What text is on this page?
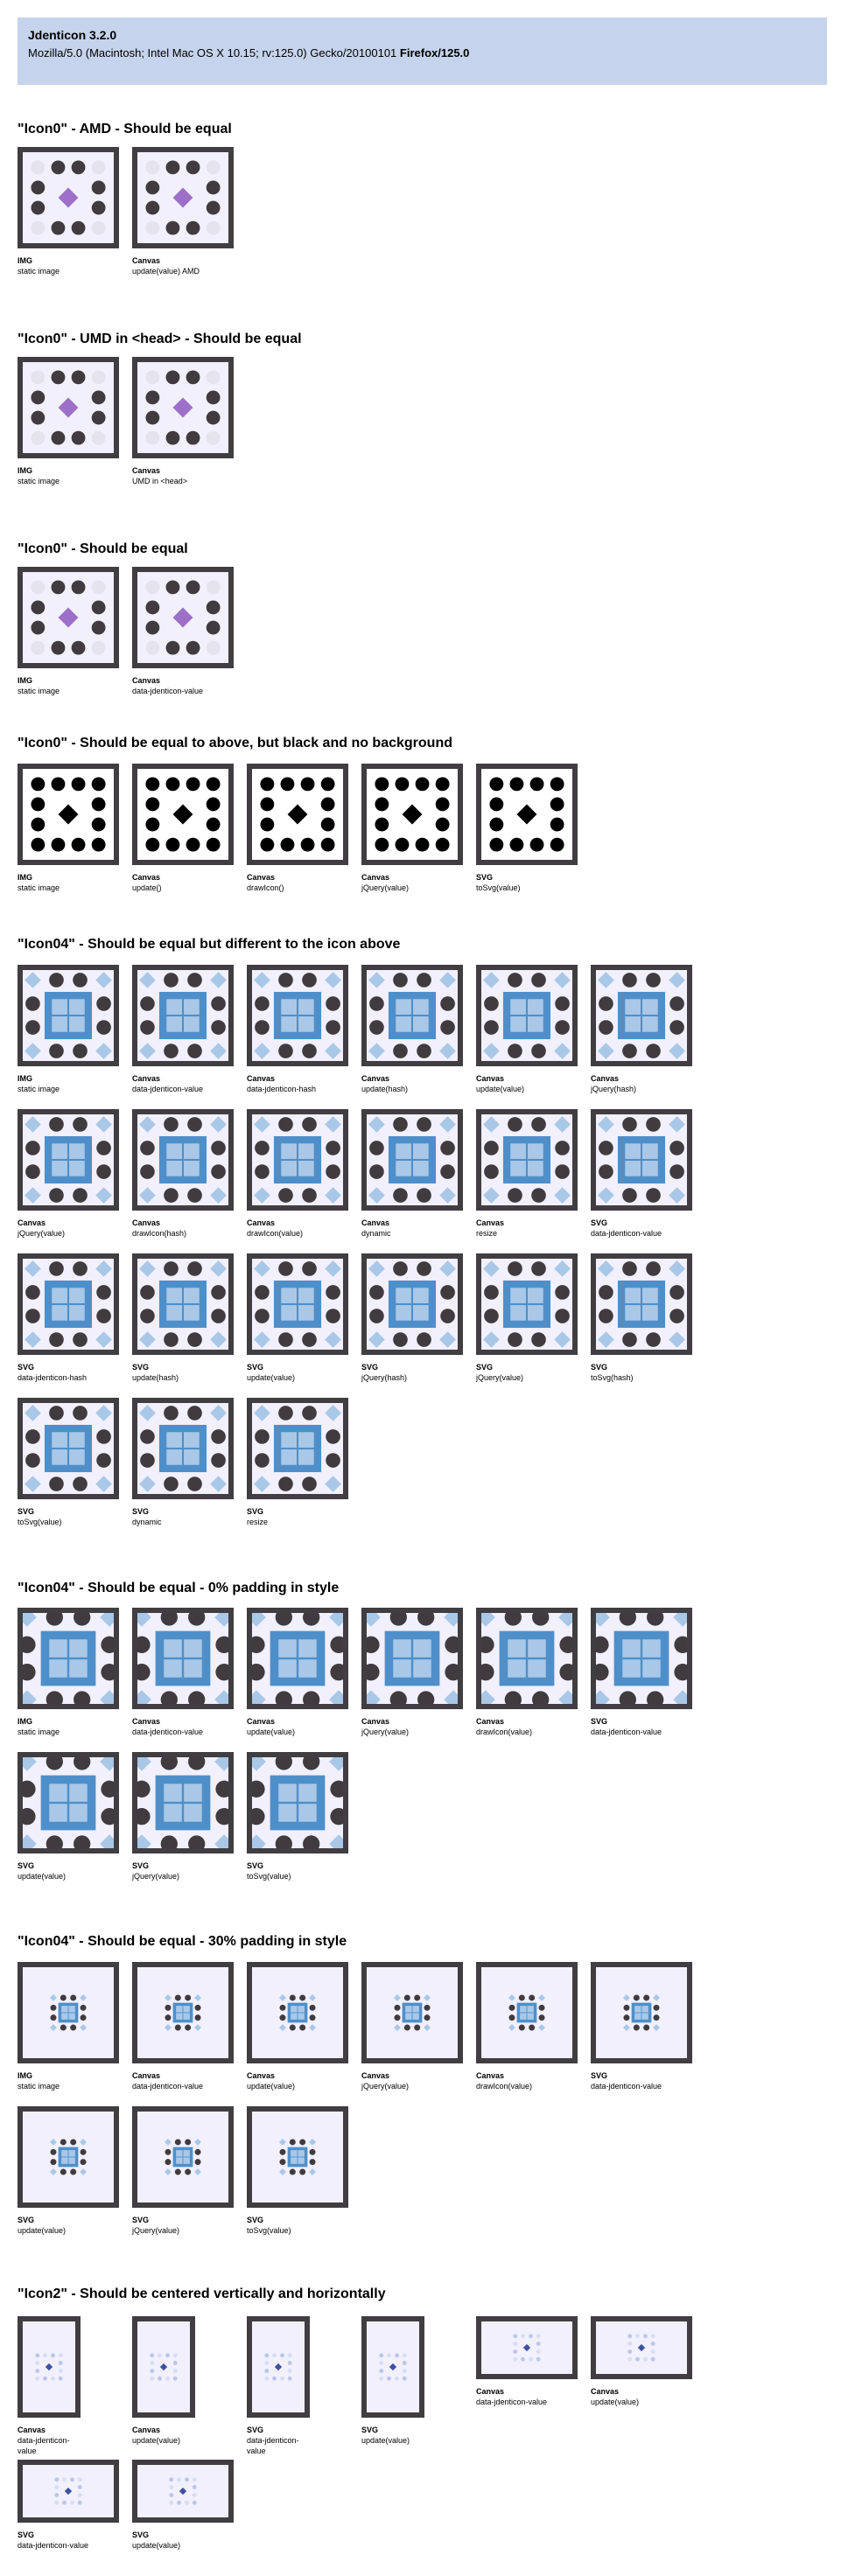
Jdenticon 3.2.0
Mozilla/5.0 (Macintosh; Intel Mac OS X 10.15; rv:125.0) Gecko/20100101 Firefox/125.0
"Icon0" - AMD - Should be equal
IMG
static image
Canvas
update(value) AMD
"Icon0" - UMD in <head> - Should be equal
IMG
static image
Canvas
UMD in <head>
"Icon0" - Should be equal
IMG
static image
Canvas
data-jdenticon-value
"Icon0" - Should be equal to above, but black and no background
IMG
static image
Canvas
update()
Canvas
drawIcon()
Canvas
jQuery(value)
SVG
toSvg(value)
"Icon04" - Should be equal but different to the icon above
IMG
static image
Canvas
data-jdenticon-value
Canvas
data-jdenticon-hash
Canvas
update(hash)
Canvas
update(value)
Canvas
jQuery(hash)
Canvas
jQuery(value)
Canvas
drawIcon(hash)
Canvas
drawIcon(value)
Canvas
dynamic
Canvas
resize
SVG
data-jdenticon-value
SVG
data-jdenticon-hash
SVG
update(hash)
SVG
update(value)
SVG
jQuery(hash)
SVG
jQuery(value)
SVG
toSvg(hash)
SVG
toSvg(value)
SVG
dynamic
SVG
resize
"Icon04" - Should be equal - 0% padding in style
IMG
static image
Canvas
data-jdenticon-value
Canvas
update(value)
Canvas
jQuery(value)
Canvas
drawIcon(value)
SVG
data-jdenticon-value
SVG
update(value)
SVG
jQuery(value)
SVG
toSvg(value)
"Icon04" - Should be equal - 30% padding in style
IMG
static image
Canvas
data-jdenticon-value
Canvas
update(value)
Canvas
jQuery(value)
Canvas
drawIcon(value)
SVG
data-jdenticon-value
SVG
update(value)
SVG
jQuery(value)
SVG
toSvg(value)
"Icon2" - Should be centered vertically and horizontally
Canvas
data-jdenticon-value
Canvas
update(value)
SVG
data-jdenticon-value
SVG
update(value)
Canvas
data-jdenticon-value
Canvas
update(value)
SVG
data-jdenticon-value
SVG
update(value)
